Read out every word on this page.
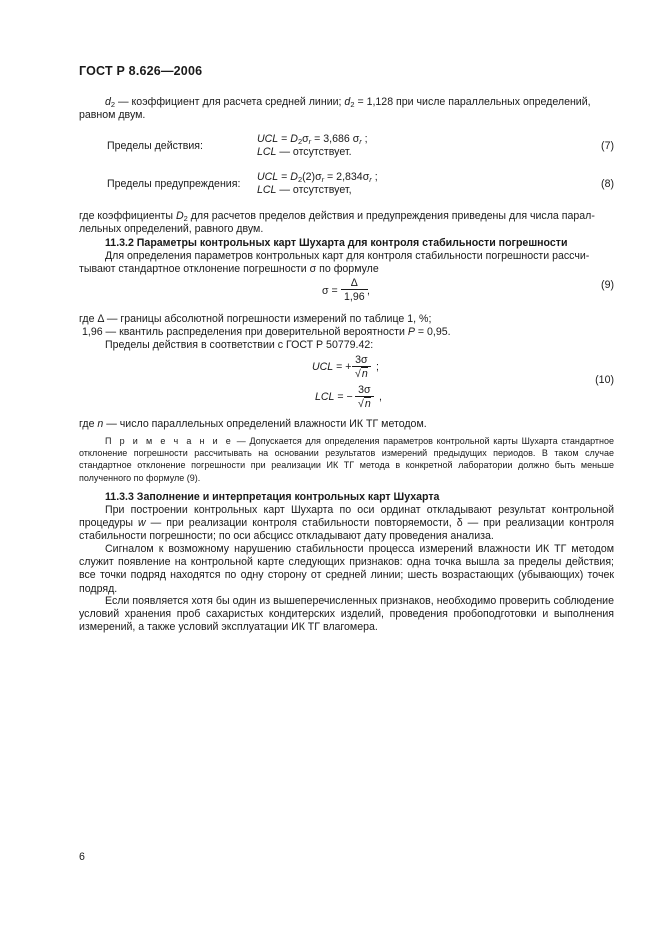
ГОСТ Р 8.626—2006
$d_2$ — коэффициент для расчета средней линии; $d_2 = 1,128$ при числе параллельных определений,
равном двум.
Пределы действия:
UCL = $D_2\sigma_r = 3,686$ $\sigma_r$ ;
LCL — отсутствует.	(7)
Пределы предупреждения:
UCL = $D_2(2)\sigma_r = 2,834\sigma_r$ ;
LCL — отсутствует,	(8)
где коэффициенты $D_2$ для расчетов пределов действия и предупреждения приведены для числа парал-
лельных определений, равного двум.
11.3.2 Параметры контрольных карт Шухарта для контроля стабильности погрешности
Для определения параметров контрольных карт для контроля стабильности погрешности рассчи-
тывают стандартное отклонение погрешности σ по формуле
$\sigma = \frac{\Delta}{1,96}$ ,	(9)
где Δ — границы абсолютной погрешности измерений по таблице 1, %;
1,96 — квантиль распределения при доверительной вероятности P = 0,95.
Пределы действия в соответствии с ГОСТ Р 50779.42:
UCL = + $\frac{3\sigma}{√n}$ ;
LCL = − $\frac{3\sigma}{√n}$ ,
(10)
где n — число параллельных определений влажности ИК ТГ методом.
П р и м е ч а н и е — Допускается для определения параметров контрольной карты Шухарта стандартное отклонение погрешности рассчитывать на основании результатов измерений предыдущих периодов. В таком случае стандартное отклонение погрешности при реализации ИК ТГ метода в конкретной лаборатории должно быть меньше полученного по формуле (9).
11.3.3 Заполнение и интерпретация контрольных карт Шухарта
При построении контрольных карт Шухарта по оси ординат откладывают результат контрольной процедуры w — при реализации контроля стабильности повторяемости, δ — при реализации контроля стабильности погрешности; по оси абсцисс откладывают дату проведения анализа.
Сигналом к возможному нарушению стабильности процесса измерений влажности ИК ТГ методом служит появление на контрольной карте следующих признаков: одна точка вышла за пределы действия; все точки подряд находятся по одну сторону от средней линии; шесть возрастающих (убывающих) точек подряд.
Если появляется хотя бы один из вышеперечисленных признаков, необходимо проверить соблюдение условий хранения проб сахаристых кондитерских изделий, проведения пробоподготовки и выполнения измерений, а также условий эксплуатации ИК ТГ влагомера.
6
